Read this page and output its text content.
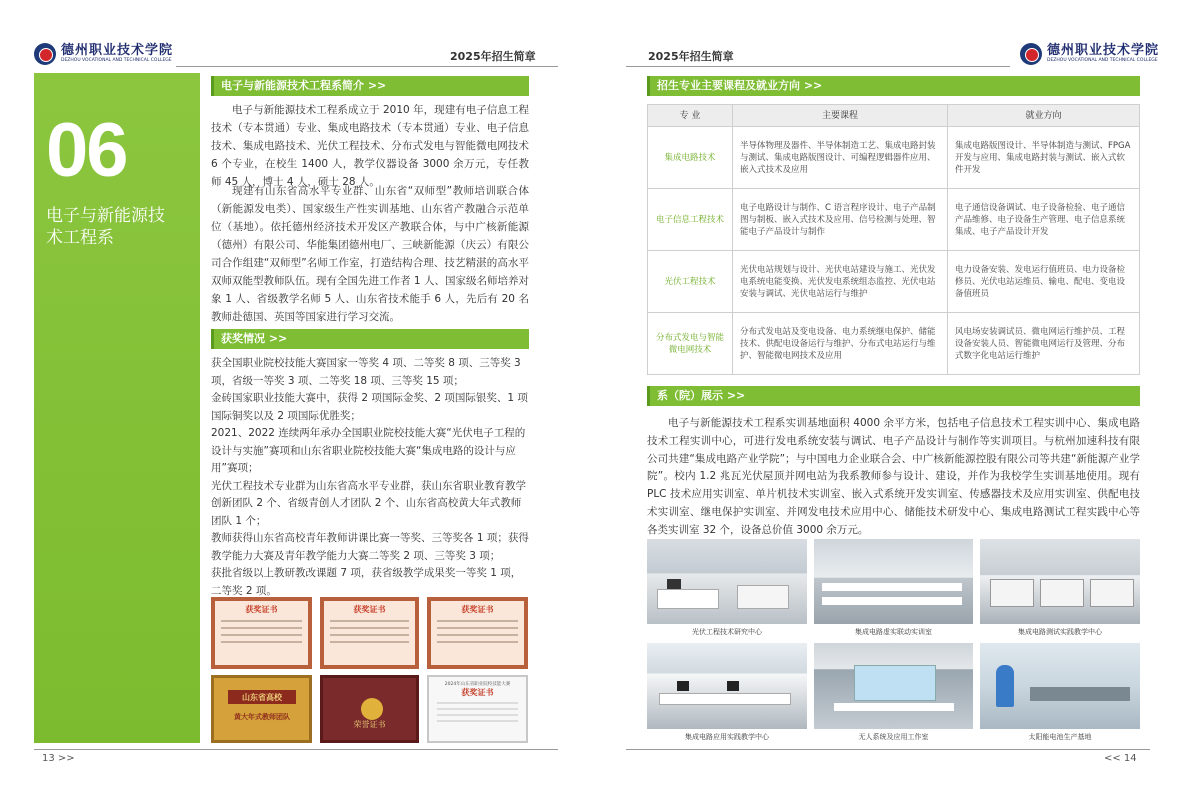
德州职业技术学院
DEZHOU VOCATIONAL AND TECHNICAL COLLEGE	2025年招生简章
06
电子与新能源技术工程系
电子与新能源技术工程系简介 >>

电子与新能源技术工程系成立于 2010 年，现建有电子信息工程技术（专本贯通）专业、集成电路技术（专本贯通）专业、电子信息技术、集成电路技术、光伏工程技术、分布式发电与智能微电网技术 6 个专业，在校生 1400 人，教学仪器设备 3000 余万元，专任教师 45 人，博士 4 人，硕士 28 人。

现建有山东省高水平专业群、山东省“双师型”教师培训联合体（新能源发电类）、国家级生产性实训基地、山东省产教融合示范单位（基地）。依托德州经济技术开发区产教联合体，与中广核新能源（德州）有限公司、华能集团德州电厂、三峡新能源（庆云）有限公司合作组建“双师型”名师工作室，打造结构合理、技艺精湛的高水平双师双能型教师队伍。现有全国先进工作者 1 人、国家级名师培养对象 1 人、省级教学名师 5 人、山东省技术能手 6 人，先后有 20 名教师赴德国、英国等国家进行学习交流。

获奖情况 >>
获全国职业院校技能大赛国家一等奖 4 项、二等奖 8 项、三等奖 3 项，省级一等奖 3 项、二等奖 18 项、三等奖 15 项；
金砖国家职业技能大赛中，获得 2 项国际金奖、2 项国际银奖、1 项国际铜奖以及 2 项国际优胜奖；
2021、2022 连续两年承办全国职业院校技能大赛“光伏电子工程的设计与实施”赛项和山东省职业院校技能大赛“集成电路的设计与应用”赛项；
光伏工程技术专业群为山东省高水平专业群，获山东省职业教育教学创新团队 2 个、省级青创人才团队 2 个、山东省高校黄大年式教师团队 1 个；
教师获得山东省高校青年教师讲课比赛一等奖、三等奖各 1 项；获得教学能力大赛及青年教学能力大赛二等奖 2 项、三等奖 3 项；
获批省级以上教研教改课题 7 项，获省级教学成果奖一等奖 1 项，二等奖 2 项。
获奖证书	获奖证书	获奖证书
山东省高校
黄大年式教师团队
荣誉证书
2024年山东省职业院校技能大赛
获奖证书
13 >>
2025年招生简章	德州职业技术学院
DEZHOU VOCATIONAL AND TECHNICAL COLLEGE
招生专业主要课程及就业方向 >>
系（院）展示 >>

电子与新能源技术工程系实训基地面积 4000 余平方米，包括电子信息技术工程实训中心、集成电路技术工程实训中心，可进行发电系统安装与调试、电子产品设计与制作等实训项目。与杭州加速科技有限公司共建“集成电路产业学院”；与中国电力企业联合会、中广核新能源控股有限公司等共建“新能源产业学院”。校内 1.2 兆瓦光伏屋顶并网电站为我系教师参与设计、建设，并作为我校学生实训基地使用。现有 PLC 技术应用实训室、单片机技术实训室、嵌入式系统开发实训室、传感器技术及应用实训室、供配电技术实训室、继电保护实训室、并网发电技术应用中心、储能技术研发中心、集成电路测试工程实践中心等各类实训室 32 个，设备总价值 3000 余万元。

<< 14
专 业	主要课程	就业方向
集成电路技术	半导体物理及器件、半导体制造工艺、集成电路封装与测试、集成电路版图设计、可编程逻辑器件应用、嵌入式技术及应用	集成电路版图设计、半导体制造与测试、FPGA 开发与应用、集成电路封装与测试、嵌入式软件开发
电子信息工程技术	电子电路设计与制作、C 语言程序设计、电子产品制图与制板、嵌入式技术及应用、信号检测与处理、智能电子产品设计与制作	电子通信设备调试、电子设备检验、电子通信产品维修、电子设备生产管理、电子信息系统集成、电子产品设计开发
光伏工程技术	光伏电站规划与设计、光伏电站建设与施工、光伏发电系统电能变换、光伏发电系统组态监控、光伏电站安装与调试、光伏电站运行与维护	电力设备安装、发电运行值班员、电力设备检修员、光伏电站运维员、输电、配电、变电设备值班员
分布式发电与智能微电网技术	分布式发电站及变电设备、电力系统继电保护、储能技术、供配电设备运行与维护、分布式电站运行与维护、智能微电网技术及应用	风电场安装调试员、微电网运行维护员、工程设备安装人员、智能微电网运行及管理、分布式数字化电站运行维护
光伏工程技术研究中心	集成电路虚实联动实训室	集成电路测试实践教学中心
集成电路应用实践教学中心	无人系统及应用工作室	太阳能电池生产基地
